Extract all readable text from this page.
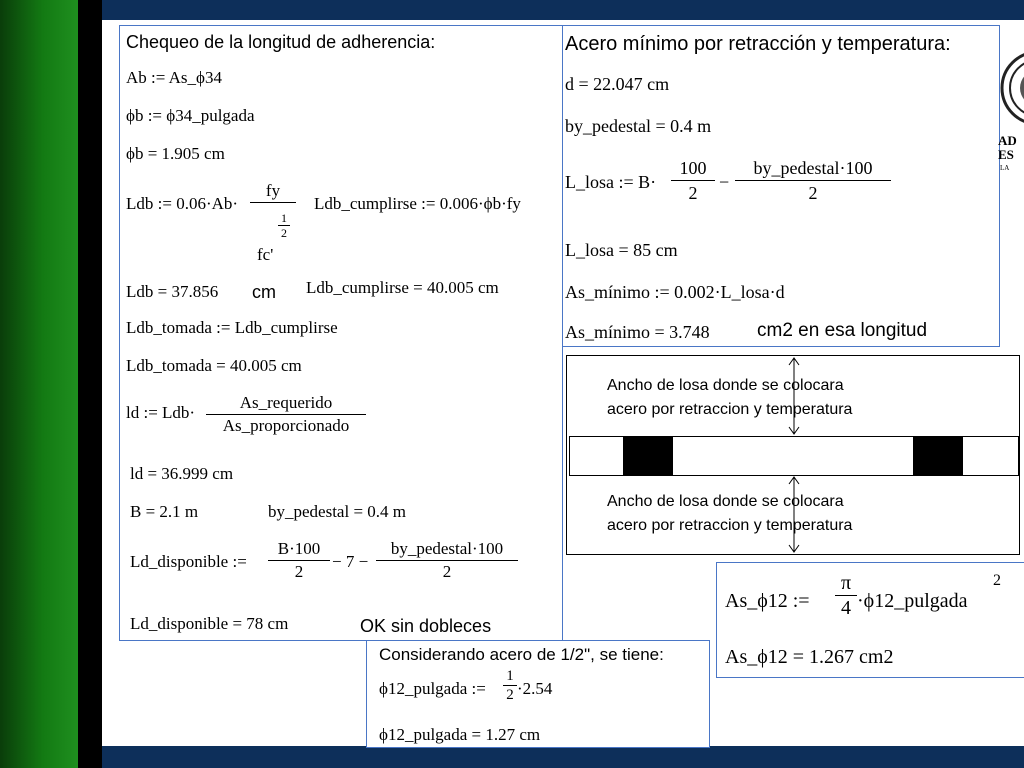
Chequeo de la longitud de adherencia:
Ab := As_ϕ34
ϕb := ϕ34_pulgada
ϕb = 1.905 cm
Ldb := 0.06·Ab·
fy
fc'
1
2
Ldb_cumplirse := 0.006·ϕb·fy
Ldb = 37.856 cm Ldb_cumplirse = 40.005 cm
Ldb_tomada := Ldb_cumplirse
Ldb_tomada = 40.005 cm
ld := Ldb·
As_requerido
As_proporcionado
ld = 36.999 cm
B = 2.1 m	by_pedestal = 0.4 m
Ld_disponible :=
B·100
2
− 7 −
by_pedestal·100
2
Ld_disponible = 78 cm	OK sin dobleces
Acero mínimo por retracción y temperatura:
d = 22.047 cm
by_pedestal = 0.4 m
L_losa := B·
100
2
−
by_pedestal·100
2
L_losa = 85 cm
As_mínimo := 0.002·L_losa·d
As_mínimo = 3.748 cm2 en esa longitud
AD
ES
LA
Ancho de losa donde se colocara
acero por retraccion y temperatura
Ancho de losa donde se colocara
acero por retraccion y temperatura
As_ϕ12 :=
π
4 ·ϕ12_pulgada
2
As_ϕ12 = 1.267 cm2
Considerando acero de 1/2", se tiene:
ϕ12_pulgada :=
1
2 ·2.54
ϕ12_pulgada = 1.27 cm
